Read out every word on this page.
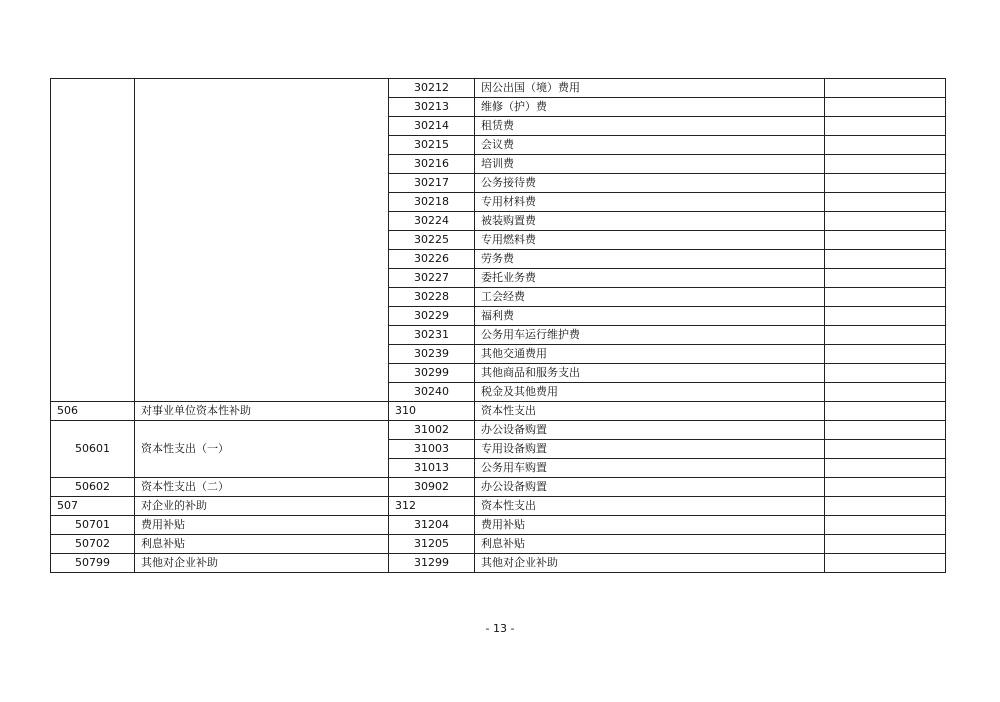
		30212	因公出国（境）费用	
		30213	维修（护）费	
		30214	租赁费	
		30215	会议费	
		30216	培训费	
		30217	公务接待费	
		30218	专用材料费	
		30224	被装购置费	
		30225	专用燃料费	
		30226	劳务费	
		30227	委托业务费	
		30228	工会经费	
		30229	福利费	
		30231	公务用车运行维护费	
		30239	其他交通费用	
		30299	其他商品和服务支出	
		30240	税金及其他费用	
506	对事业单位资本性补助	310	资本性支出	
50601	资本性支出（一）	31002	办公设备购置	
		31003	专用设备购置	
		31013	公务用车购置	
50602	资本性支出（二）	30902	办公设备购置	
507	对企业的补助	312	资本性支出	
50701	费用补贴	31204	费用补贴	
50702	利息补贴	31205	利息补贴	
50799	其他对企业补助	31299	其他对企业补助	
- 13 -
